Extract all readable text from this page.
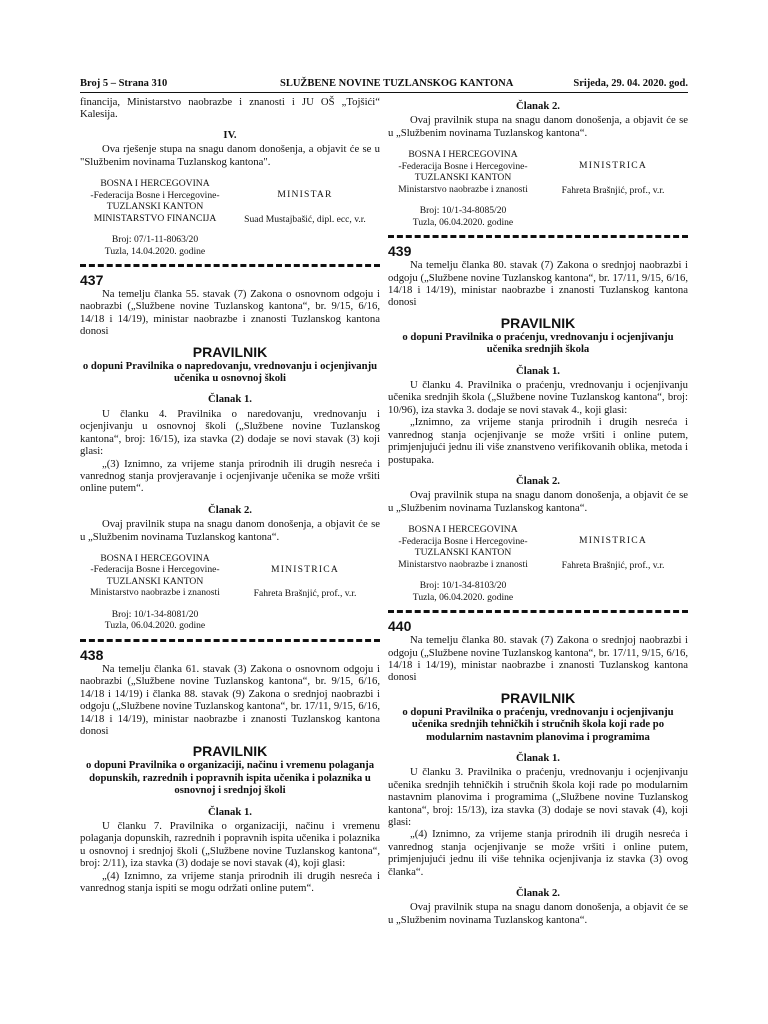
Broj 5 – Strana 310	SLUŽBENE NOVINE TUZLANSKOG KANTONA	Srijeda, 29. 04. 2020. god.

financija, Ministarstvo naobrazbe i znanosti i JU OŠ „Tojšići“ Kalesija.

IV.

Ova rješenje stupa na snagu danom donošenja, a objavit će se u "Službenim novinama Tuzlanskog kantona".

BOSNA I HERCEGOVINA
-Federacija Bosne i Hercegovine-
TUZLANSKI KANTON
MINISTARSTVO FINANCIJA
MINISTAR
Suad Mustajbašić, dipl. ecc, v.r.
Broj: 07/1-11-8063/20
Tuzla, 14.04.2020. godine
437

Na temelju članka 55. stavak (7) Zakona o osnovnom odgoju i naobrazbi („Službene novine Tuzlanskog kantona“, br. 9/15, 6/16, 14/18 i 14/19), ministar naobrazbe i znanosti Tuzlanskog kantona donosi

PRAVILNIK
o dopuni Pravilnika o napredovanju, vrednovanju i ocjenjivanju učenika u osnovnoj školi
Članak 1.

U članku 4. Pravilnika o naredovanju, vrednovanju i ocjenjivanju u osnovnoj školi („Službene novine Tuzlanskog kantona“, broj: 16/15), iza stavka (2) dodaje se novi stavak (3) koji glasi:

„(3) Iznimno, za vrijeme stanja prirodnih ili drugih nesreća i vanrednog stanja provjeravanje i ocjenjivanje učenika se može vršiti online putem“.

Članak 2.

Ovaj pravilnik stupa na snagu danom donošenja, a objavit će se u „Službenim novinama Tuzlanskog kantona“.

BOSNA I HERCEGOVINA
-Federacija Bosne i Hercegovine-
TUZLANSKI KANTON
Ministarstvo naobrazbe i znanosti
MINISTRICA
Fahreta Brašnjić, prof., v.r.
Broj: 10/1-34-8081/20
Tuzla, 06.04.2020. godine
438

Na temelju članka 61. stavak (3) Zakona o osnovnom odgoju i naobrazbi („Službene novine Tuzlanskog kantona“, br. 9/15, 6/16, 14/18 i 14/19) i članka 88. stavak (9) Zakona o srednjoj naobrazbi i odgoju („Službene novine Tuzlanskog kantona“, br. 17/11, 9/15, 6/16, 14/18 i 14/19), ministar naobrazbe i znanosti Tuzlanskog kantona donosi

PRAVILNIK
o dopuni Pravilnika o organizaciji, načinu i vremenu polaganja dopunskih, razrednih i popravnih ispita učenika i polaznika u osnovnoj i srednjoj školi
Članak 1.

U članku 7. Pravilnika o organizaciji, načinu i vremenu polaganja dopunskih, razrednih i popravnih ispita učenika i polaznika u osnovnoj i srednjoj školi („Službene novine Tuzlanskog kantona“, broj: 2/11), iza stavka (3) dodaje se novi stavak (4), koji glasi:

„(4) Iznimno, za vrijeme stanja prirodnih ili drugih nesreća i vanrednog stanja ispiti se mogu održati online putem“.

Članak 2.

Ovaj pravilnik stupa na snagu danom donošenja, a objavit će se u „Službenim novinama Tuzlanskog kantona“.

BOSNA I HERCEGOVINA
-Federacija Bosne i Hercegovine-
TUZLANSKI KANTON
Ministarstvo naobrazbe i znanosti
MINISTRICA
Fahreta Brašnjić, prof., v.r.
Broj: 10/1-34-8085/20
Tuzla, 06.04.2020. godine
439

Na temelju članka 80. stavak (7) Zakona o srednjoj naobrazbi i odgoju („Službene novine Tuzlanskog kantona“, br. 17/11, 9/15, 6/16, 14/18 i 14/19), ministar naobrazbe i znanosti Tuzlanskog kantona donosi

PRAVILNIK
o dopuni Pravilnika o praćenju, vrednovanju i ocjenjivanju učenika srednjih škola
Članak 1.

U članku 4. Pravilnika o praćenju, vrednovanju i ocjenjivanju učenika srednjih škola („Službene novine Tuzlanskog kantona“, broj: 10/96), iza stavka 3. dodaje se novi stavak 4., koji glasi:

„Iznimno, za vrijeme stanja prirodnih i drugih nesreća i vanrednog stanja ocjenjivanje se može vršiti i online putem, primjenjujući jednu ili više znanstveno verifikovanih oblika, metoda i postupaka.

Članak 2.

Ovaj pravilnik stupa na snagu danom donošenja, a objavit će se u „Službenim novinama Tuzlanskog kantona“.

BOSNA I HERCEGOVINA
-Federacija Bosne i Hercegovine-
TUZLANSKI KANTON
Ministarstvo naobrazbe i znanosti
MINISTRICA
Fahreta Brašnjić, prof., v.r.
Broj: 10/1-34-8103/20
Tuzla, 06.04.2020. godine
440

Na temelju članka 80. stavak (7) Zakona o srednjoj naobrazbi i odgoju („Službene novine Tuzlanskog kantona“, br. 17/11, 9/15, 6/16, 14/18 i 14/19), ministar naobrazbe i znanosti Tuzlanskog kantona donosi

PRAVILNIK
o dopuni Pravilnika o praćenju, vrednovanju i ocjenjivanju učenika srednjih tehničkih i stručnih škola koji rade po modularnim nastavnim planovima i programima
Članak 1.

U članku 3. Pravilnika o praćenju, vrednovanju i ocjenjivanju učenika srednjih tehničkih i stručnih škola koji rade po modularnim nastavnim planovima i programima („Službene novine Tuzlanskog kantona“, broj: 15/13), iza stavka (3) dodaje se novi stavak (4), koji glasi:

„(4) Iznimno, za vrijeme stanja prirodnih ili drugih nesreća i vanrednog stanja ocjenjivanje se može vršiti i online putem, primjenjujući jednu ili više tehnika ocjenjivanja iz stavka (3) ovog članka“.

Članak 2.

Ovaj pravilnik stupa na snagu danom donošenja, a objavit će se u „Službenim novinama Tuzlanskog kantona“.
